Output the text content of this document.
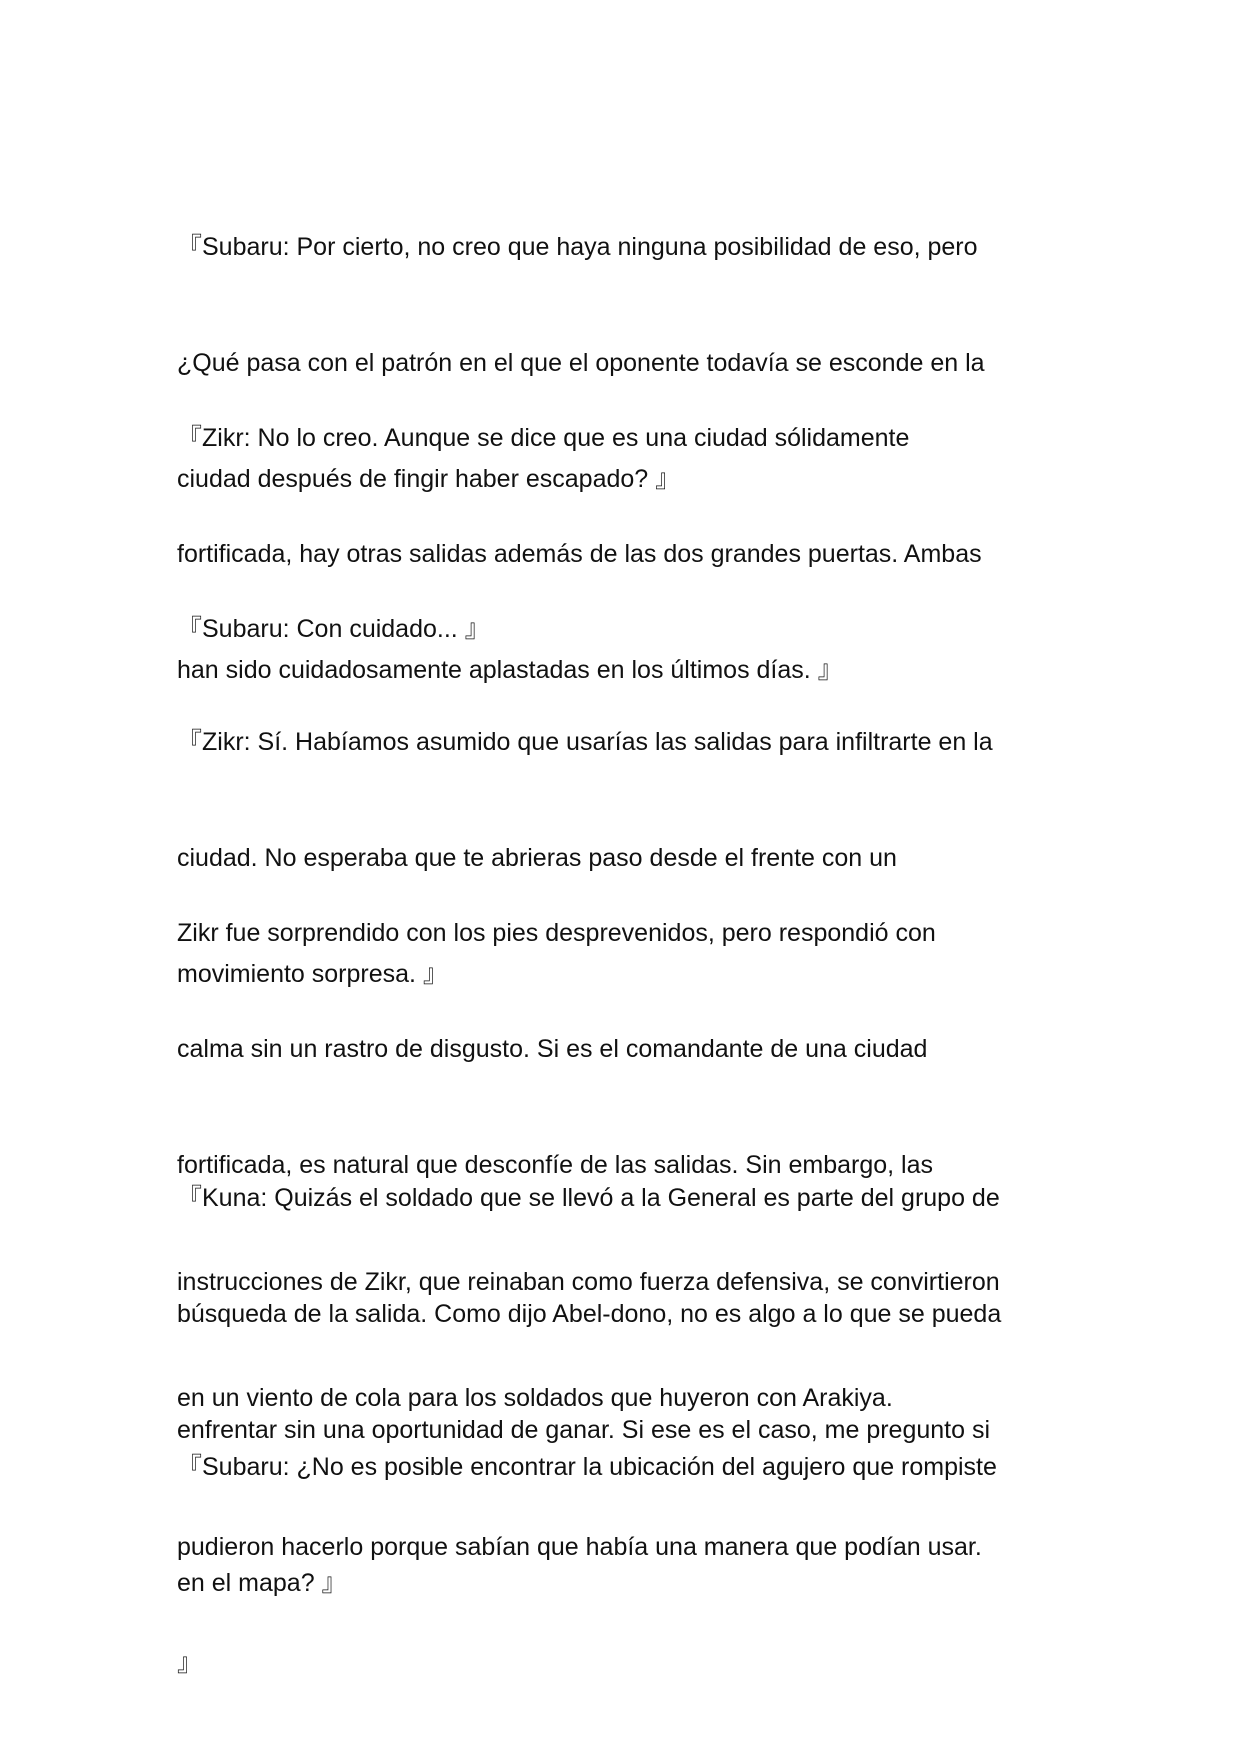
『Subaru: Por cierto, no creo que haya ninguna posibilidad de eso, pero

¿Qué pasa con el patrón en el que el oponente todavía se esconde en la

ciudad después de fingir haber escapado? 』

『Zikr: No lo creo. Aunque se dice que es una ciudad sólidamente

fortificada, hay otras salidas además de las dos grandes puertas. Ambas

han sido cuidadosamente aplastadas en los últimos días. 』

『Subaru: Con cuidado... 』

『Zikr: Sí. Habíamos asumido que usarías las salidas para infiltrarte en la

ciudad. No esperaba que te abrieras paso desde el frente con un

movimiento sorpresa. 』

Zikr fue sorprendido con los pies desprevenidos, pero respondió con

calma sin un rastro de disgusto. Si es el comandante de una ciudad

fortificada, es natural que desconfíe de las salidas. Sin embargo, las

instrucciones de Zikr, que reinaban como fuerza defensiva, se convirtieron

en un viento de cola para los soldados que huyeron con Arakiya.

『Kuna: Quizás el soldado que se llevó a la General es parte del grupo de

búsqueda de la salida. Como dijo Abel-dono, no es algo a lo que se pueda

enfrentar sin una oportunidad de ganar. Si ese es el caso, me pregunto si

pudieron hacerlo porque sabían que había una manera que podían usar.

』

『Subaru: ¿No es posible encontrar la ubicación del agujero que rompiste

en el mapa? 』
